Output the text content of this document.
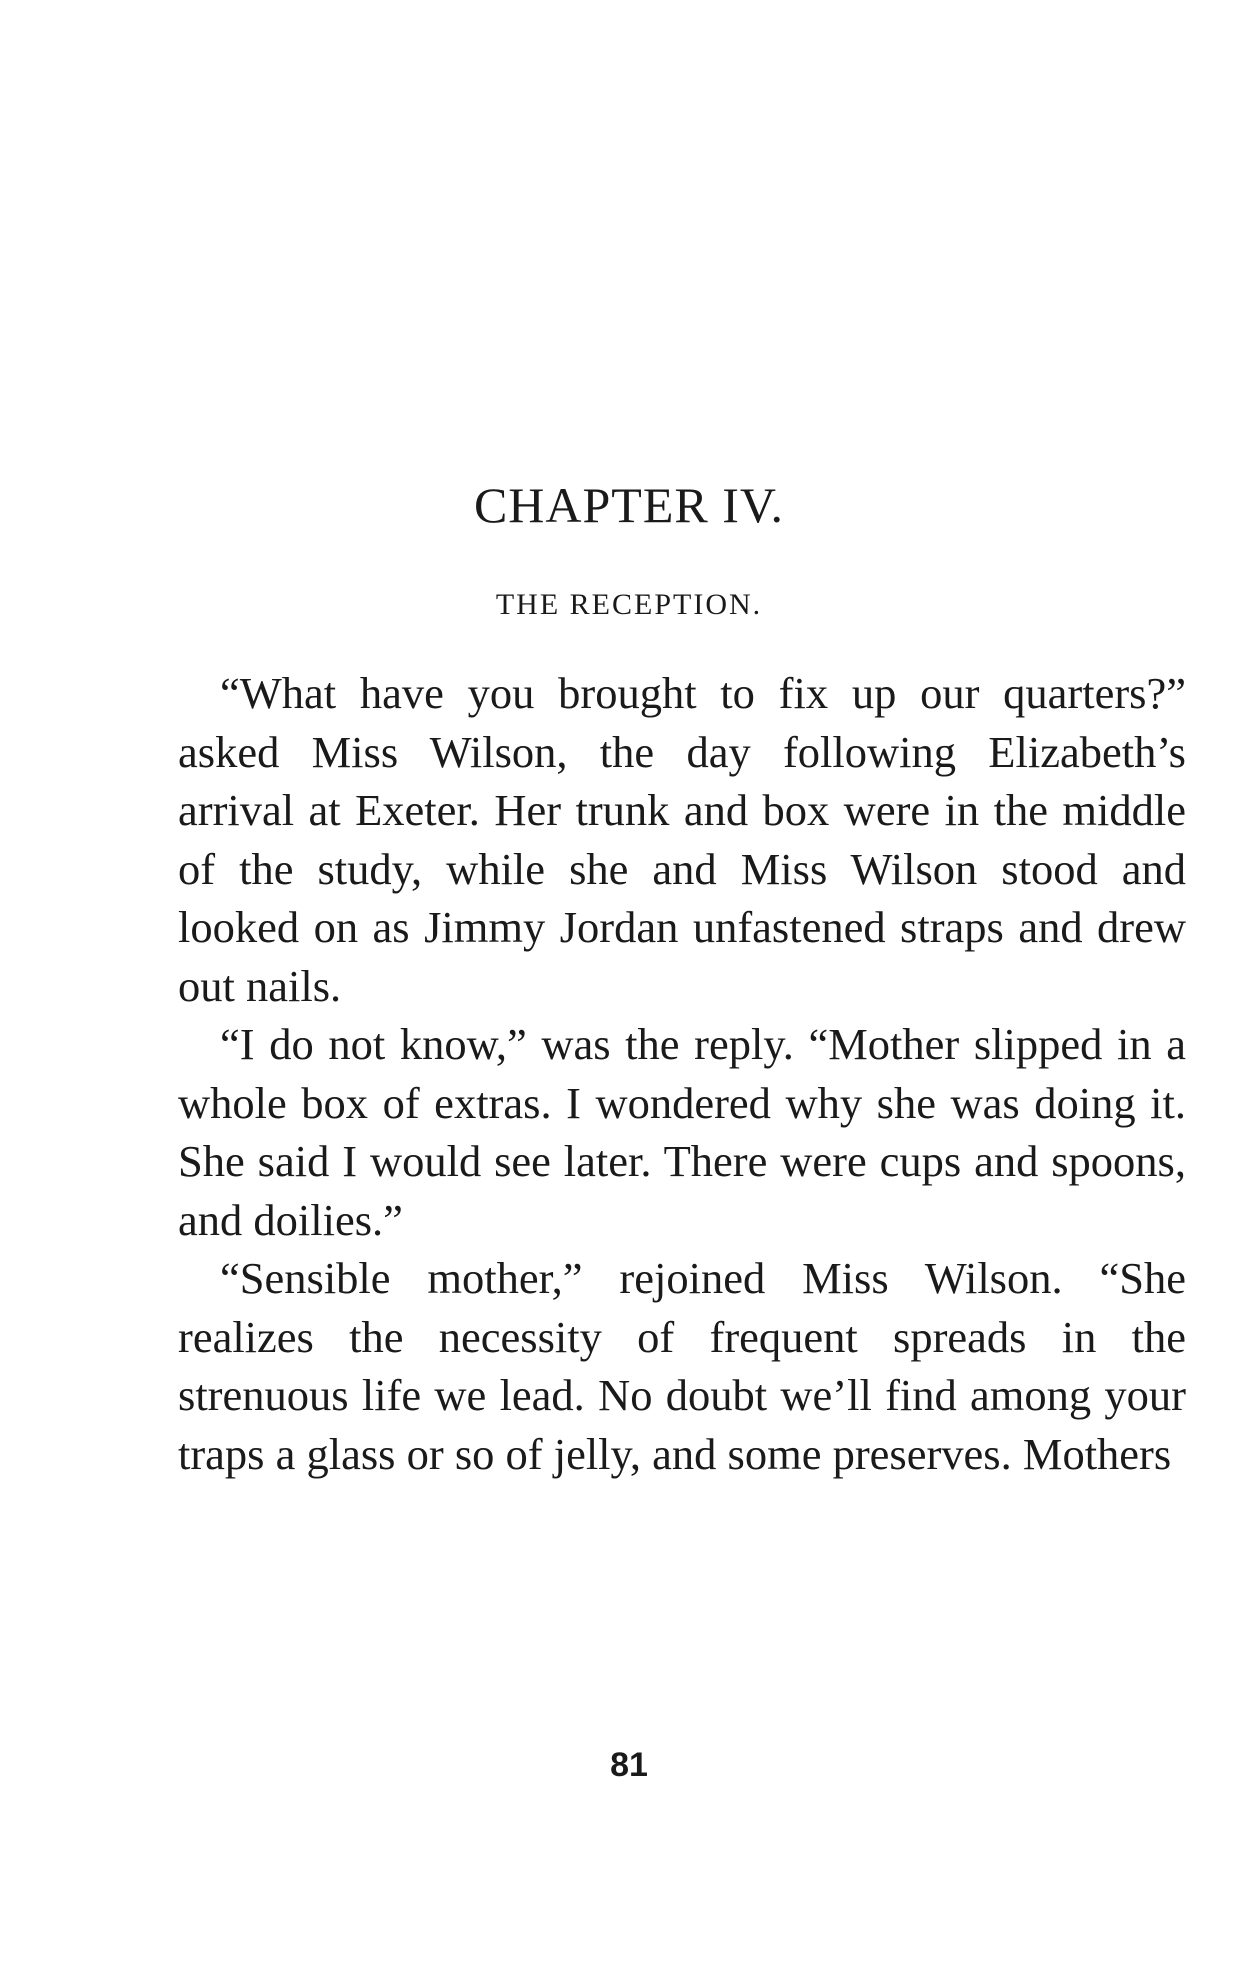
CHAPTER IV.
THE RECEPTION.

“What have you brought to fix up our quarters?” asked Miss Wilson, the day following Elizabeth’s arrival at Exeter. Her trunk and box were in the middle of the study, while she and Miss Wilson stood and looked on as Jimmy Jordan unfastened straps and drew out nails.

“I do not know,” was the reply. “Mother slipped in a whole box of extras. I wondered why she was doing it. She said I would see later. There were cups and spoons, and doilies.”

“Sensible mother,” rejoined Miss Wilson. “She realizes the necessity of frequent spreads in the strenuous life we lead. No doubt we’ll find among your traps a glass or so of jelly, and some preserves. Mothers

81
